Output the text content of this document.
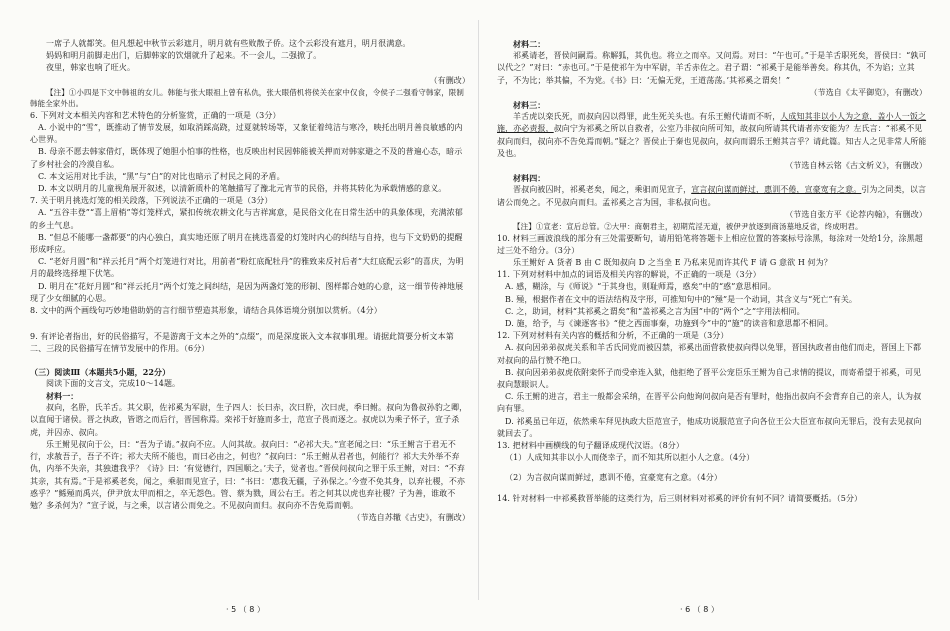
一席子人就都笑。但凡想起中秋节云彩遮月，明月就有些败散子侨。这个云彩没有遮月，明月很满意。

妈妈和明月前脚走出门，后脚韩家的饮烟就升了起来。不一会儿，二强掀了。

夜里，韩家也响了旺火。

（有删改）

【注】①小四是下文中韩祖的女儿。韩能与张大眼祖上曾有私仇，张大眼借机将侯关在家中仅食，令侯子二强看守韩家，限制韩能全家外出。

6. 下列对文本相关内容和艺术特色的分析鉴赏，正确的一项是（3分）

A. 小说中的“雪”，既推动了情节发展，如取消踩高跷，过夏就转场等，又象征着纯洁与寒冷，映托出明月善良敏感的内心世界。

B. 母亲不愿去韩家借灯，既体现了她胆小怕事的性格，也反映出村民因韩能被关押而对韩家避之不及的普遍心态，暗示了乡村社会的冷漠自私。

C. 本文运用对比手法，“黑”与“白”的对比也暗示了村民之间的矛盾。

D. 本文以明月的儿童视角展开叙述，以清新质朴的笔触描写了豫北元宵节的民俗，并将其转化为承载情感的意义。

7. 关于明月挑选灯笼的相关段落，下列说法不正确的一项是（3分）

A. “五谷丰登”“喜上眉梢”等灯笼样式，紧扣传统农耕文化与吉祥寓意，是民俗文化在日常生活中的具象体现，充满浓郁的乡土气息。

B. “但总不能哪一盏都要”的内心独白，真实地还原了明月在挑选喜爱的灯笼时内心的纠结与自持，也与下文奶奶的提醒形成呼应。

C. “老好月圆”和“祥云托月”两个灯笼进行对比，用前者“粉红底配牡丹”的雅致来反衬后者“大红底配云彩”的喜庆，为明月的最终选择埋下伏笔。

D. 明月在“花好月圆”和“祥云托月”两个灯笼之间纠结，是因为两盏灯笼的形制、图样都合她的心意，这一细节传神地展现了少女细腻的心思。

8. 文中的两个画线句巧妙地借助奶的言行细节塑造其形象，请结合具体语境分别加以赏析。（4分）

9. 有评论者指出，好的民俗描写，不是游离于文本之外的“点缀”，而是深度嵌入文本叙事肌理。请据此简要分析文本第二、三段的民俗描写在情节发展中的作用。（6分）

（三）阅读Ⅲ（本题共5小题，22分）

阅读下面的文言文，完成10～14题。

材料一：

叔向，名肸，氏羊舌。其父职，佐祁奚为军尉，生子四人：长曰赤，次曰肸，次曰虎，季曰鲋。叔向为鲁叔孙豹之卿，以直闻于诸侯。晋之执政，皆谘之而后行，晋国称焉。栾祁于好施而多士，范宣子畏而逐之。叔虎以为乘子怀子，宣子杀虎，并囚赤、叔向。

乐王鲋见叔向于公，曰：“吾为子请。”叔向不应。人问其故。叔向曰：“必祁大夫。”宣老闻之曰：“乐王鲋言于君无不行，求赦吾子，吾子不许；祁大夫所不能也，而曰必由之，何也？”叔向曰：“乐王鲋从君者也，何能行？祁大夫外举不弃仇，内举不失亲，其独遗我乎？《诗》曰：‘有觉德行，四国顺之。’夫子，觉者也。”晋侯问叔向之罪于乐王鲋，对曰：“不弃其亲，其有焉。”于是祁奚老矣，闻之，乘驲而见宣子，曰：“书曰：‘惠我无疆，子孙保之。’今壹不免其身，以弃社稷，不亦惑乎？”鲧殛而禹兴，伊尹放太甲而相之，卒无怨色。管、蔡为戮，周公右王。若之何其以虎也弃社稷？子为善，谁敢不勉？多杀何为？”宣子说，与之乘，以言诸公而免之。不见叔向而归。叔向亦不告免焉而朝。

（节选自苏辙《古史》，有删改）

· 5 （ 8 ）

材料二：

祁奚请老，晋侯问嗣焉。称解狐，其仇也。将立之而卒。又问焉。对曰：“午也可。”于是羊舌职死矣，晋侯曰：“孰可以代之？”对曰：“赤也可。”于是使祁午为中军尉，羊舌赤佐之。君子谓：“祁奚于是能举善矣。称其仇，不为谄；立其子，不为比；举其偏，不为党。《书》曰：‘无偏无党，王道荡荡。’其祁奚之谓矣！”

（节选自《太平御览》，有删改）

材料三：

羊舌虎以栾氏死，而叔向囚以得罪，此生死关头也。有乐王鲋代请而不听，人成知其非以小人为之意，盖小人一饭之施，亦必责报，叔向宁为祁奚之所以自救者，公室乃非叔向所可知，故叔向所请其代请者亦安能为？左氏言：“祁奚不见叔向而归，叔向亦不告免焉而朝。”疑之？晋侯止于秦也见叔向，叔向而谓乐王鲋其言乎？请此篇。知古人之见非常人所能及也。

（节选自林云铭《古文析义》，有删改）

材料四：

晋叔向被囚时，祁奚老矣，闻之，乘驲而见宣子，宣言叔向谋而鲜过，惠训不倦，宣豪宽有之意。引为之同类，以言诸公而免之。不见叔向而归。孟祁奚之言为国，非私叔向也。

（节选自张方平《论荐内翰》，有删改）

【注】①宣老：宣后总管。②大甲：商朝君主，初期荒淫无道，被伊尹放逐到商汤墓地反省，终成明君。

10. 材料三画波浪线的部分有三处需要断句，请用铅笔将答题卡上相应位置的答案标号涂黑，每涂对一处给1分，涂黑超过三处不给分。（3分）

乐王鲋好 A 货者 B 由 C 既知叔向 D 之当坐 E 乃私来见而许其代 F 请 G 意欲 H 何为？

11. 下列对材料中加点的词语及相关内容的解说，不正确的一项是（3分）

A. 感，糊涂，与《师说》“于其身也，则耻师焉，惑矣”中的“惑”意思相同。

B. 殛，根据作者在文中的语法结构及字形，可推知句中的“殛”是一个动词，其含义与“死亡”有关。

C. 之，助词，材料“其祁奚之谓矣”和“盖祁奚之言为国”中的“两个“之”字用法相同。

D. 施，给予，与《谏逐客书》“使之西面事秦，功施到今”中的“施”的读音和意思都不相同。

12. 下列对材料有关内容的概括和分析，不正确的一项是（3分）

A. 叔向因弟弟叔虎关系和羊舌氏同党而被囚禁，祁奚出面营救使叔向得以免罪，晋国执政者由他们而走，晋国上下都对叔向的品行赞不绝口。

B. 叔向因弟弟叔虎依附栾怀子而受牵连入狱，他拒绝了晋平公宠臣乐王鲋为自己求情的提议，而寄希望于祁奚，可见叔向慧眼识人。

C. 乐王鲋的进言，君主一般都会采纳，在晋平公向他询问叔向是否有罪时，他指出叔向不会背弃自己的亲人，认为叔向有罪。

D. 祁奚虽已年迈，依然乘车拜见执政大臣范宣子，他成功说服范宣子向各位王公大臣宣布叔向无罪后，没有去见叔向就回去了。

13. 把材料中画横线的句子翻译成现代汉语。（8分）

（1）人成知其非以小人而侥幸子，而不知其所以拒小人之意。（4分）

（2）为言叔向谋而鲜过，惠训不倦，宜豪宽有之意。（4分）

14. 针对材料一中祁奚救晋举能的这类行为，后三则材料对祁奚的评价有何不同？请简要概括。（5分）

· 6 （ 8 ）
